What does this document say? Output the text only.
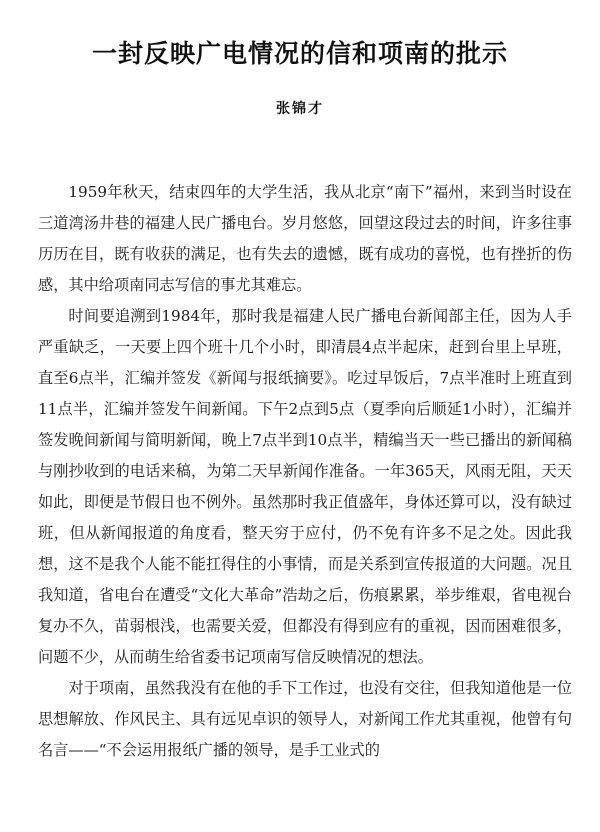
一封反映广电情况的信和项南的批示
张锦才

1959年秋天，结束四年的大学生活，我从北京“南下”福州，来到当时设在三道湾汤井巷的福建人民广播电台。岁月悠悠，回望这段过去的时间，许多往事历历在目，既有收获的满足，也有失去的遗憾，既有成功的喜悦，也有挫折的伤感，其中给项南同志写信的事尤其难忘。

时间要追溯到1984年，那时我是福建人民广播电台新闻部主任，因为人手严重缺乏，一天要上四个班十几个小时，即清晨4点半起床，赶到台里上早班，直至6点半，汇编并签发《新闻与报纸摘要》。吃过早饭后，7点半准时上班直到11点半，汇编并签发午间新闻。下午2点到5点（夏季向后顺延1小时），汇编并签发晚间新闻与简明新闻，晚上7点半到10点半，精编当天一些已播出的新闻稿与刚抄收到的电话来稿，为第二天早新闻作准备。一年365天，风雨无阻，天天如此，即便是节假日也不例外。虽然那时我正值盛年，身体还算可以，没有缺过班，但从新闻报道的角度看，整天穷于应付，仍不免有许多不足之处。因此我想，这不是我个人能不能扛得住的小事情，而是关系到宣传报道的大问题。况且我知道，省电台在遭受“文化大革命”浩劫之后，伤痕累累，举步维艰，省电视台复办不久，苗弱根浅，也需要关爱，但都没有得到应有的重视，因而困难很多，问题不少，从而萌生给省委书记项南写信反映情况的想法。

对于项南，虽然我没有在他的手下工作过，也没有交往，但我知道他是一位思想解放、作风民主、具有远见卓识的领导人，对新闻工作尤其重视，他曾有句名言——“不会运用报纸广播的领导，是手工业式的
